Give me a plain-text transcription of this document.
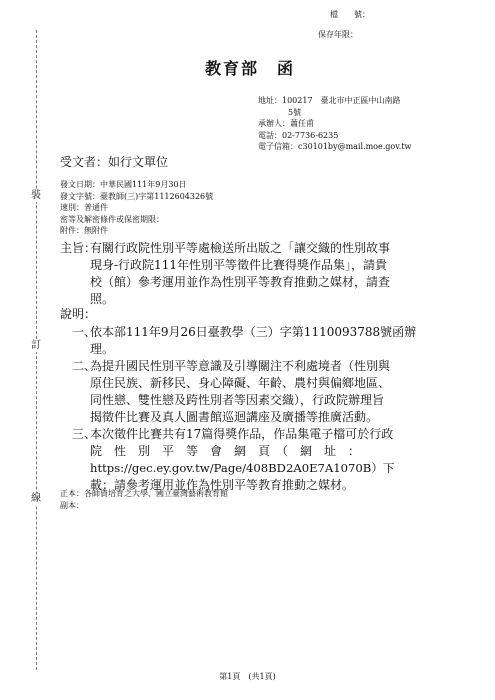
裝
訂
線
檔　　號：
保存年限：
教育部　函
地址：100217　臺北市中正區中山南路
5號
承辦人：蕭任甫
電話：02-7736-6235
電子信箱：c30101by@mail.moe.gov.tw
受文者：如行文單位
發文日期：中華民國111年9月30日
發文字號：臺教師(三)字第1112604326號
速別：普通件
密等及解密條件或保密期限：
附件：無附件
主旨：
有關行政院性別平等處檢送所出版之「讓交織的性別故事
現身-行政院111年性別平等徵件比賽得獎作品集」，請貴
校（館）參考運用並作為性別平等教育推動之媒材，請查
照。
說明：
一、
依本部111年9月26日臺教學（三）字第1110093788號函辦
理。
二、
為提升國民性別平等意識及引導關注不利處境者（性別與
原住民族、新移民、身心障礙、年齡、農村與偏鄉地區、
同性戀、雙性戀及跨性別者等因素交織），行政院辦理旨
揭徵件比賽及真人圖書館巡迴講座及廣播等推廣活動。
三、
本次徵件比賽共有17篇得獎作品，作品集電子檔可於行政
院　性　別　平　等　會　網　頁　（　網　址　：
https://gec.ey.gov.tw/Page/408BD2A0E7A1070B）下
載；請參考運用並作為性別平等教育推動之媒材。
正本：各師資培育之大學、國立臺灣藝術教育館
副本：
第1頁　(共1頁)
